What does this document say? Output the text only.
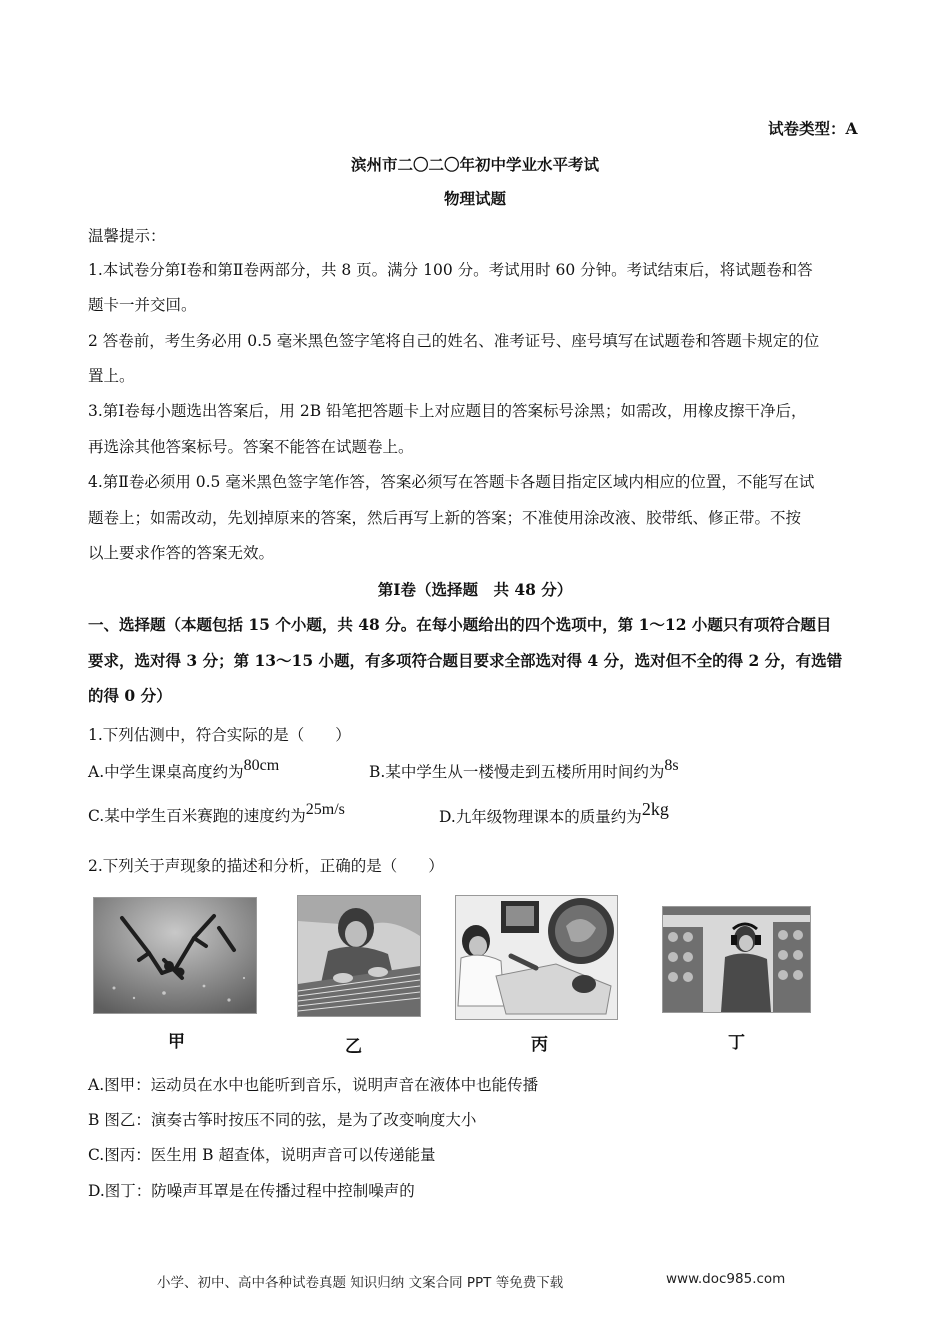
试卷类型：A
滨州市二〇二〇年初中学业水平考试
物理试题
温馨提示：
1.本试卷分第Ⅰ卷和第Ⅱ卷两部分，共 8 页。满分 100 分。考试用时 60 分钟。考试结束后，将试题卷和答
题卡一并交回。
2 答卷前，考生务必用 0.5 毫米黑色签字笔将自己的姓名、准考证号、座号填写在试题卷和答题卡规定的位
置上。
3.第Ⅰ卷每小题选出答案后，用 2B 铅笔把答题卡上对应题目的答案标号涂黑；如需改，用橡皮擦干净后，
再选涂其他答案标号。答案不能答在试题卷上。
4.第Ⅱ卷必须用 0.5 毫米黑色签字笔作答，答案必须写在答题卡各题目指定区域内相应的位置，不能写在试
题卷上；如需改动，先划掉原来的答案，然后再写上新的答案；不准使用涂改液、胶带纸、修正带。不按
以上要求作答的答案无效。
第Ⅰ卷（选择题　共 48 分）
一、选择题（本题包括 15 个小题，共 48 分。在每小题给出的四个选项中，第 1～12 小题只有项符合题目
要求，选对得 3 分；第 13～15 小题，有多项符合题目要求全部选对得 4 分，选对但不全的得 2 分，有选错
的得 0 分）
1.下列估测中，符合实际的是（　　）
A.中学生课桌高度约为80cm	B.某中学生从一楼慢走到五楼所用时间约为8s
C.某中学生百米赛跑的速度约为25m/s	D.九年级物理课本的质量约为2kg
2.下列关于声现象的描述和分析，正确的是（　　）
甲	乙	丙	丁
A.图甲：运动员在水中也能听到音乐，说明声音在液体中也能传播
B 图乙：演奏古筝时按压不同的弦，是为了改变响度大小
C.图丙：医生用 B 超查体，说明声音可以传递能量
D.图丁：防噪声耳罩是在传播过程中控制噪声的
小学、初中、高中各种试卷真题 知识归纳 文案合同 PPT 等免费下载	www.doc985.com
